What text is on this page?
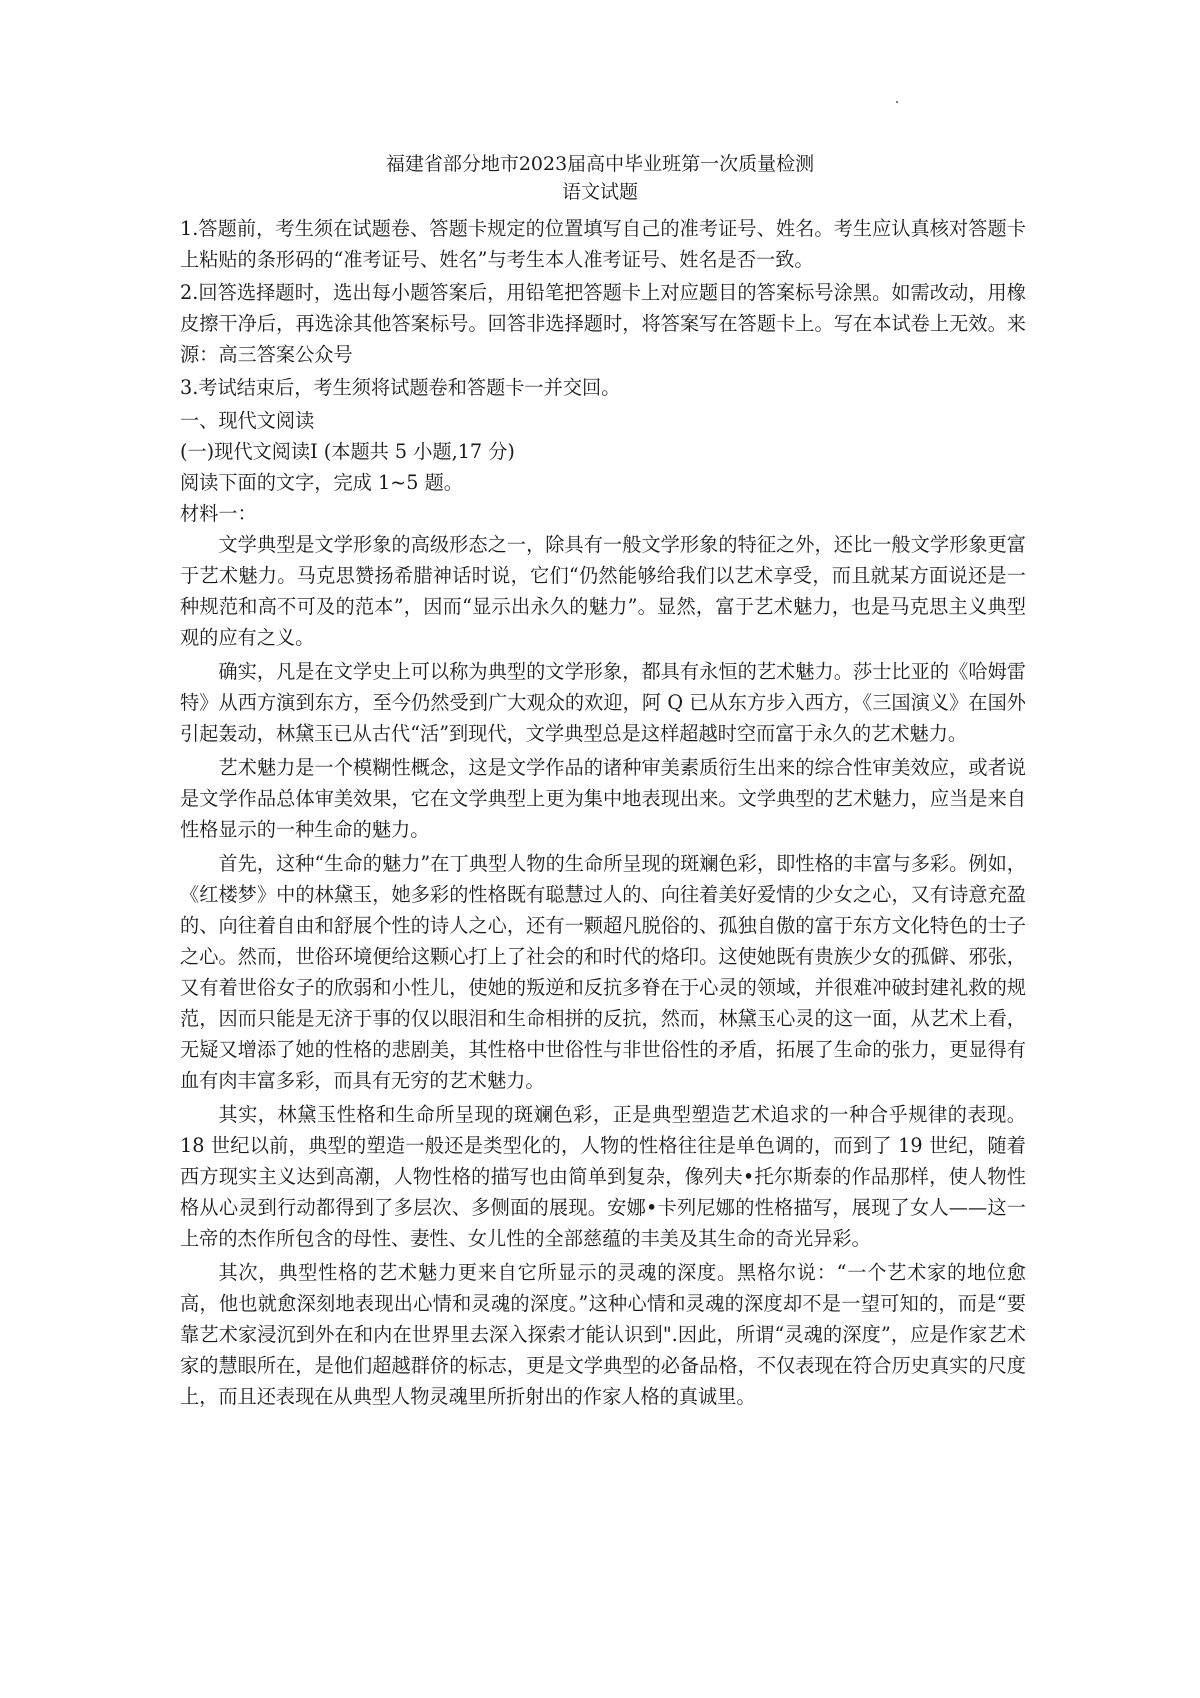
福建省部分地市2023届高中毕业班第一次质量检测

语文试题

1.答题前，考生须在试题卷、答题卡规定的位置填写自己的准考证号、姓名。考生应认真核对答题卡上粘贴的条形码的“准考证号、姓名”与考生本人准考证号、姓名是否一致。

2.回答选择题时，选出每小题答案后，用铅笔把答题卡上对应题目的答案标号涂黑。如需改动，用橡皮擦干净后，再选涂其他答案标号。回答非选择题时，将答案写在答题卡上。写在本试卷上无效。来源：高三答案公众号

3.考试结束后，考生须将试题卷和答题卡一并交回。

一、现代文阅读

(一)现代文阅读Ⅰ (本题共 5 小题,17 分)

阅读下面的文字，完成 1~5 题。

材料一：

文学典型是文学形象的高级形态之一，除具有一般文学形象的特征之外，还比一般文学形象更富于艺术魅力。马克思赞扬希腊神话时说，它们“仍然能够给我们以艺术享受，而且就某方面说还是一种规范和高不可及的范本”，因而“显示出永久的魅力”。显然，富于艺术魅力，也是马克思主义典型观的应有之义。

确实，凡是在文学史上可以称为典型的文学形象，都具有永恒的艺术魅力。莎士比亚的《哈姆雷特》从西方演到东方，至今仍然受到广大观众的欢迎，阿 Q 已从东方步入西方，《三国演义》在国外引起轰动，林黛玉已从古代“活”到现代，文学典型总是这样超越时空而富于永久的艺术魅力。

艺术魅力是一个模糊性概念，这是文学作品的诸种审美素质衍生出来的综合性审美效应，或者说是文学作品总体审美效果，它在文学典型上更为集中地表现出来。文学典型的艺术魅力，应当是来自性格显示的一种生命的魅力。

首先，这种“生命的魅力”在丁典型人物的生命所呈现的斑斓色彩，即性格的丰富与多彩。例如，《红楼梦》中的林黛玉，她多彩的性格既有聪慧过人的、向往着美好爱情的少女之心，又有诗意充盈的、向往着自由和舒展个性的诗人之心，还有一颗超凡脱俗的、孤独自傲的富于东方文化特色的士子之心。然而，世俗环境便给这颗心打上了社会的和时代的烙印。这使她既有贵族少女的孤僻、邪张，又有着世俗女子的欣弱和小性儿，使她的叛逆和反抗多脊在于心灵的领域，并很难冲破封建礼救的规范，因而只能是无济于事的仅以眼泪和生命相拼的反抗，然而，林黛玉心灵的这一面，从艺术上看，无疑又增添了她的性格的悲剧美，其性格中世俗性与非世俗性的矛盾，拓展了生命的张力，更显得有血有肉丰富多彩，而具有无穷的艺术魅力。

其实，林黛玉性格和生命所呈现的斑斓色彩，正是典型塑造艺术追求的一种合乎规律的表现。18 世纪以前，典型的塑造一般还是类型化的，人物的性格往往是单色调的，而到了 19 世纪，随着西方现实主义达到高潮，人物性格的描写也由简单到复杂，像列夫•托尔斯泰的作品那样，使人物性格从心灵到行动都得到了多层次、多侧面的展现。安娜•卡列尼娜的性格描写，展现了女人——这一上帝的杰作所包含的母性、妻性、女儿性的全部慈蕴的丰美及其生命的奇光异彩。

其次，典型性格的艺术魅力更来自它所显示的灵魂的深度。黑格尔说：“一个艺术家的地位愈高，他也就愈深刻地表现出心情和灵魂的深度。”这种心情和灵魂的深度却不是一望可知的，而是“要靠艺术家浸沉到外在和内在世界里去深入探索才能认识到".因此，所谓“灵魂的深度”，应是作家艺术家的慧眼所在，是他们超越群侪的标志，更是文学典型的必备品格，不仅表现在符合历史真实的尺度上，而且还表现在从典型人物灵魂里所折射出的作家人格的真诚里。
